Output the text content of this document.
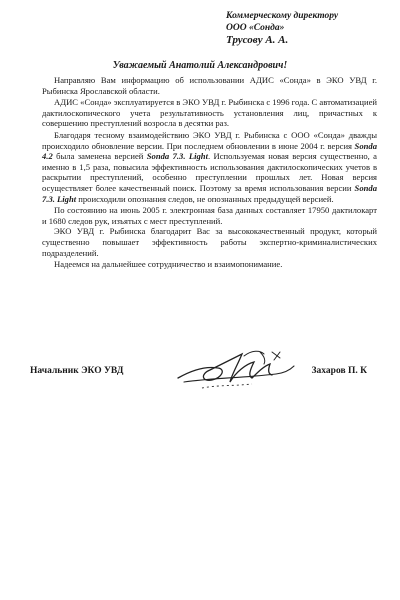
Коммерческому директору
ООО «Сонда»
Трусову А. А.
Уважаемый Анатолий Александрович!

Направляю Вам информацию об использовании АДИС «Сонда» в ЭКО УВД г. Рыбинска Ярославской области.

АДИС «Сонда» эксплуатируется в ЭКО УВД г. Рыбинска с 1996 года. С автоматизацией дактилоскопического учета результативность установления лиц, причастных к совершению преступлений возросла в десятки раз.

Благодаря тесному взаимодействию ЭКО УВД г. Рыбинска с ООО «Сонда» дважды происходило обновление версии. При последнем обновлении в июне 2004 г. версия Sonda 4.2 была заменена версией Sonda 7.3. Light. Используемая новая версия существенно, а именно в 1,5 раза, повысила эффективность использования дактилоскопических учетов в раскрытии преступлений, особенно преступлении прошлых лет. Новая версия осуществляет более качественный поиск. Поэтому за время использования версии Sonda 7.3. Light происходили опознания следов, не опознанных предыдущей версией.

По состоянию на июнь 2005 г. электронная база данных составляет 17950 дактилокарт и 1680 следов рук, изъятых с мест преступлений.

ЭКО УВД г. Рыбинска благодарит Вас за высококачественный продукт, который существенно повышает эффективность работы экспертно-криминалистических подразделений.

Надеемся на дальнейшее сотрудничество и взаимопонимание.

Начальник ЭКО УВД	Захаров П. К
